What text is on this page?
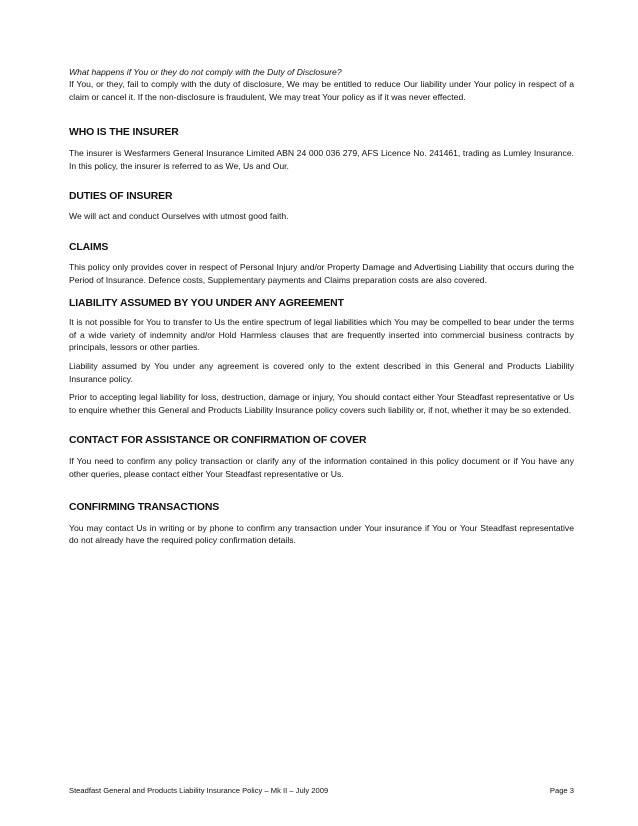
What happens if You or they do not comply with the Duty of Disclosure?

If You, or they, fail to comply with the duty of disclosure, We may be entitled to reduce Our liability under Your policy in respect of a claim or cancel it. If the non-disclosure is fraudulent, We may treat Your policy as if it was never effected.

WHO IS THE INSURER

The insurer is Wesfarmers General Insurance Limited ABN 24 000 036 279, AFS Licence No. 241461, trading as Lumley Insurance. In this policy, the insurer is referred to as We, Us and Our.

DUTIES OF INSURER

We will act and conduct Ourselves with utmost good faith.

CLAIMS

This policy only provides cover in respect of Personal Injury and/or Property Damage and Advertising Liability that occurs during the Period of Insurance. Defence costs, Supplementary payments and Claims preparation costs are also covered.

LIABILITY ASSUMED BY YOU UNDER ANY AGREEMENT

It is not possible for You to transfer to Us the entire spectrum of legal liabilities which You may be compelled to bear under the terms of a wide variety of indemnity and/or Hold Harmless clauses that are frequently inserted into commercial business contracts by principals, lessors or other parties.

Liability assumed by You under any agreement is covered only to the extent described in this General and Products Liability Insurance policy.

Prior to accepting legal liability for loss, destruction, damage or injury, You should contact either Your Steadfast representative or Us to enquire whether this General and Products Liability Insurance policy covers such liability or, if not, whether it may be so extended.

CONTACT FOR ASSISTANCE OR CONFIRMATION OF COVER

If You need to confirm any policy transaction or clarify any of the information contained in this policy document or if You have any other queries, please contact either Your Steadfast representative or Us.

CONFIRMING TRANSACTIONS

You may contact Us in writing or by phone to confirm any transaction under Your insurance if You or Your Steadfast representative do not already have the required policy confirmation details.

Steadfast General and Products Liability Insurance Policy – Mk II – July 2009	Page 3
